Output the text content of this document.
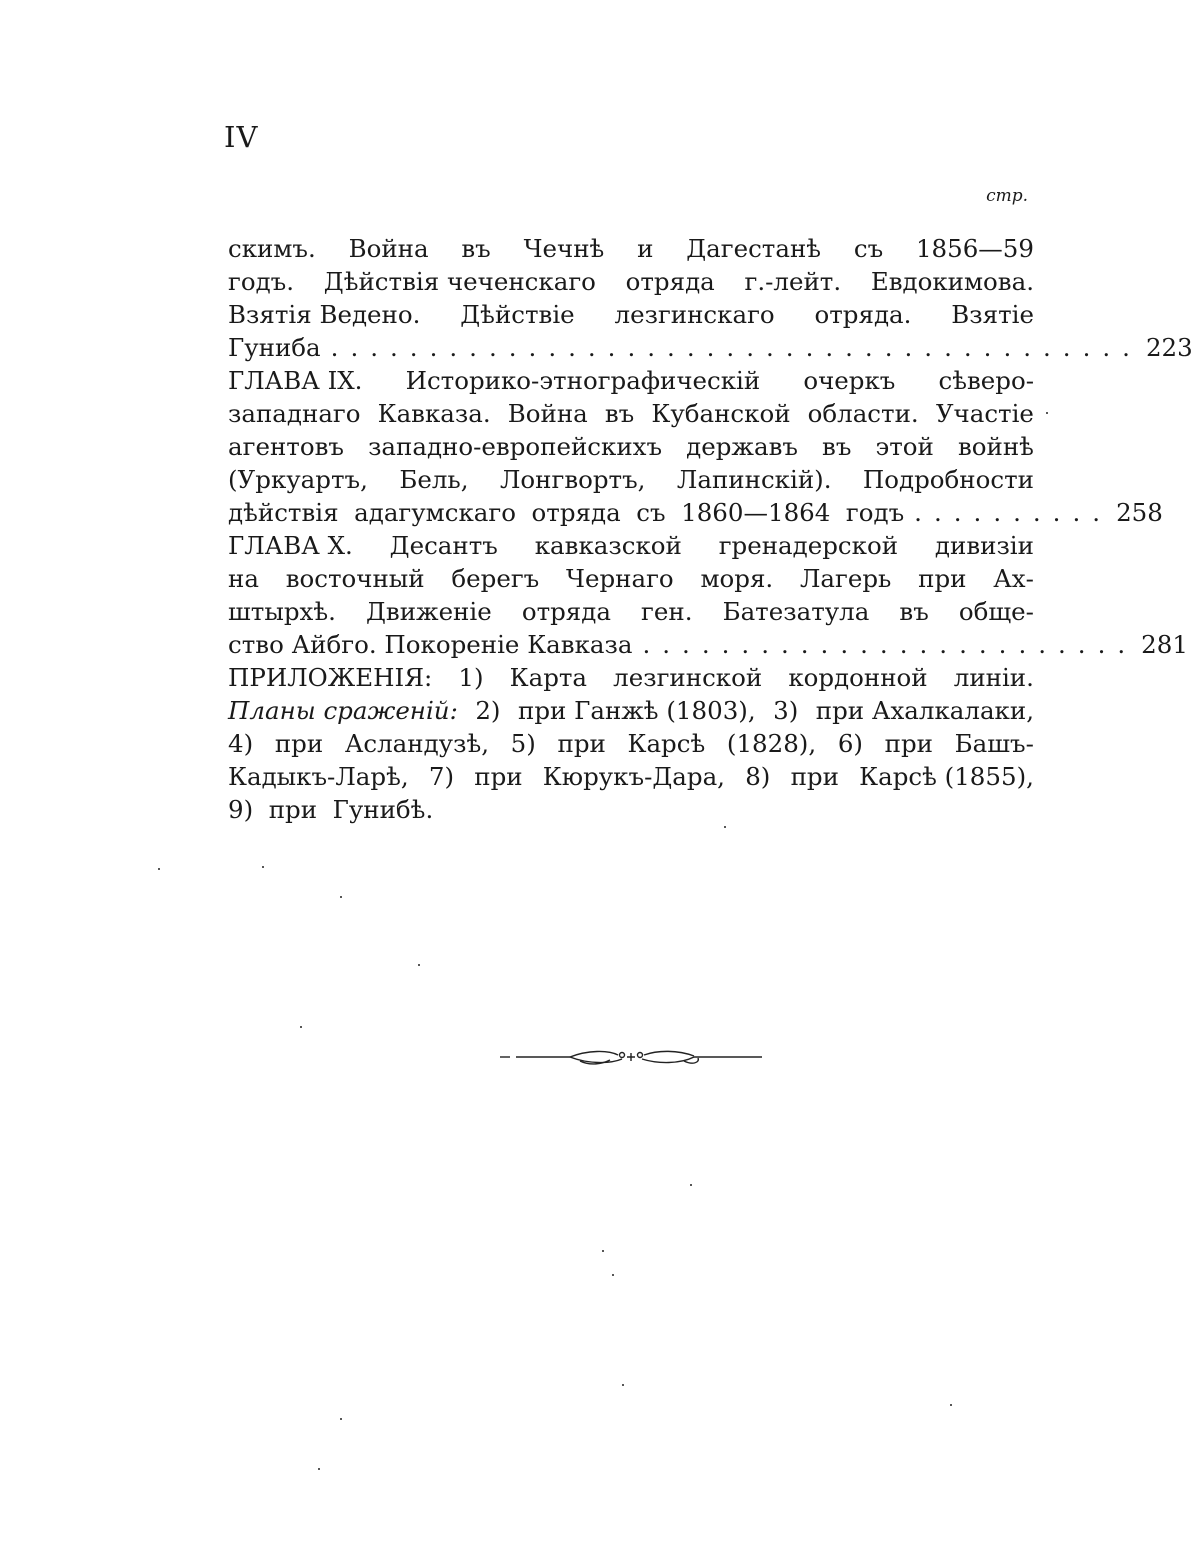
IV
стр.
скимъ. Война въ Чечнѣ и Дагестанѣ съ 1856—59
годъ. Дѣйствія чеченскаго отряда г.-лейт. Евдокимова.
Взятія Ведено. Дѣйствіе лезгинскаго отряда. Взятіе
Гуниба ......................................... 223
ГЛАВА IX. Историко-этнографическій очеркъ сѣверо-
западнаго Кавказа. Война въ Кубанской области. Участіе
агентовъ западно-европейскихъ державъ въ этой войнѣ
(Уркуартъ, Бель, Лонгвортъ, Лапинскій). Подробности
дѣйствія  адагумскаго  отряда  съ  1860—1864  годъ .......... 258
ГЛАВА X. Десантъ кавказской гренадерской дивизіи
на восточный берегъ Чернаго моря. Лагерь при Ах-
штырхѣ. Движеніе отряда ген. Батезатула въ обще-
ство Айбго. Покореніе Кавказа ......................... 281
ПРИЛОЖЕНІЯ: 1) Карта лезгинской кордонной линіи.
Планы сраженій: 2) при Ганжѣ (1803), 3) при Ахалкалаки,
4) при Асландузѣ, 5) при Карсѣ (1828), 6) при Башъ-
Кадыкъ-Ларѣ, 7) при Кюрукъ-Дара, 8) при Карсѣ (1855),
9)  при  Гунибѣ.
